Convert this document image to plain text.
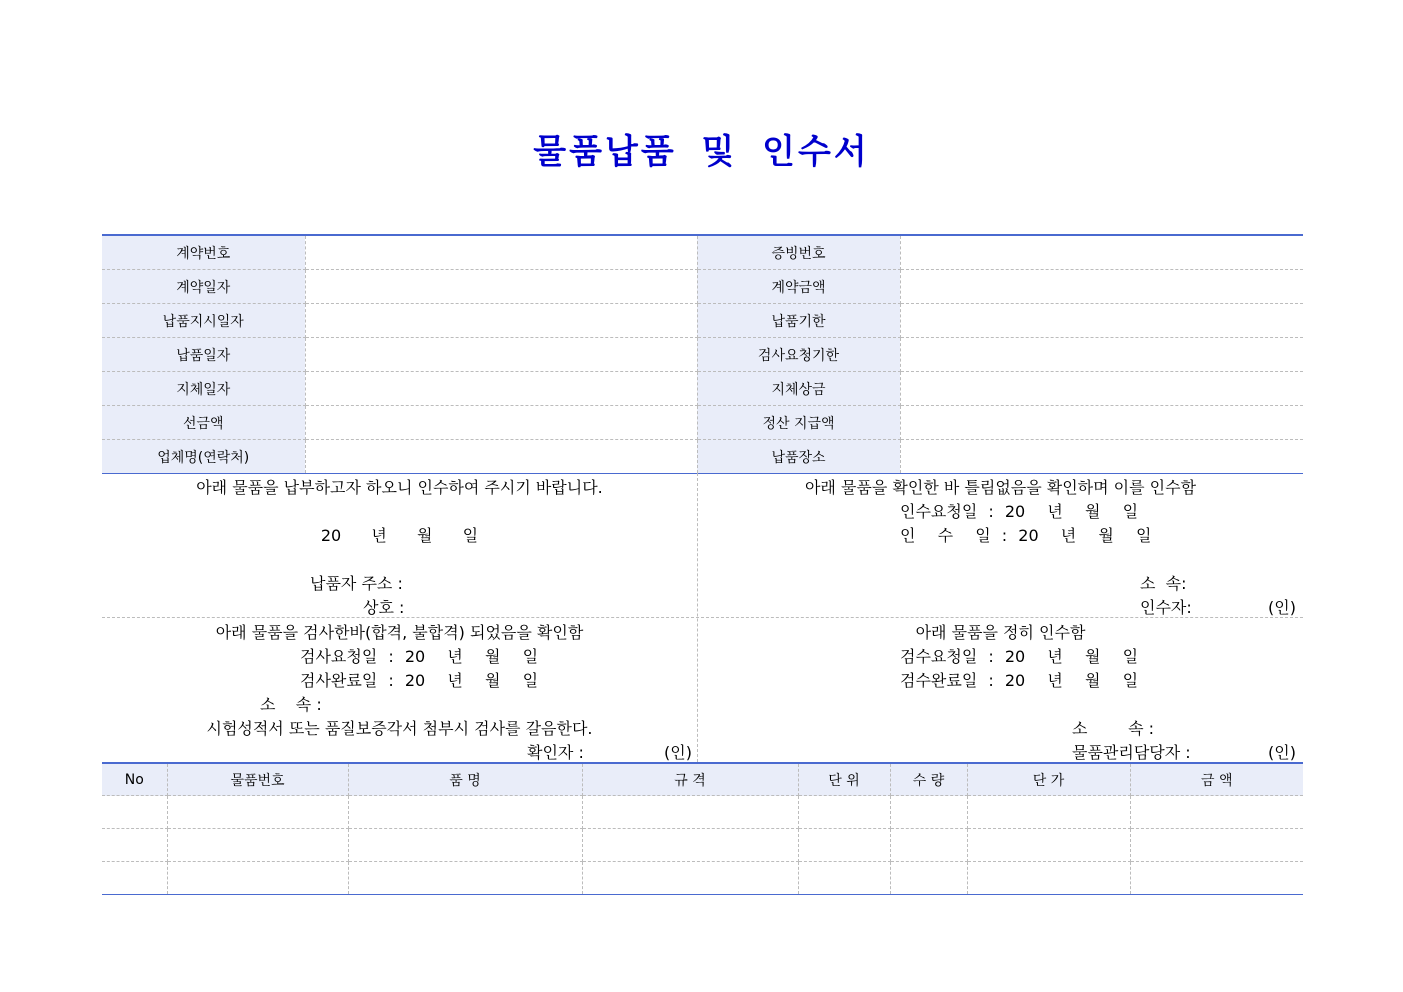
물품납품 및 인수서
계약번호		증빙번호	
계약일자		계약금액	
납품지시일자		납품기한	
납품일자		검사요청기한	
지체일자		지체상금	
선금액		정산 지급액	
업체명(연락처)		납품장소	
아래 물품을 납부하고자 하오니 인수하여 주시기 바랍니다.
20  년  월  일
납품자 주소 :
상호 :
아래 물품을 확인한 바 틀림없음을 확인하며 이를 인수함
인수요청일 : 20  년  월  일
인  수  일 : 20  년  월  일
소  속:
인수자:	(인)
아래 물품을 검사한바(합격, 불합격) 되었음을 확인함
검사요청일 : 20  년  월  일
검사완료일 : 20  년  월  일
소    속 :
시험성적서 또는 품질보증각서 첨부시 검사를 갈음한다.
확인자 :	(인)
아래 물품을 정히 인수함
검수요청일 : 20  년  월  일
검수완료일 : 20  년  월  일
소        속 :
물품관리담당자 :	(인)
No	물품번호	품 명	규 격	단 위	수 량	단 가	금 액
